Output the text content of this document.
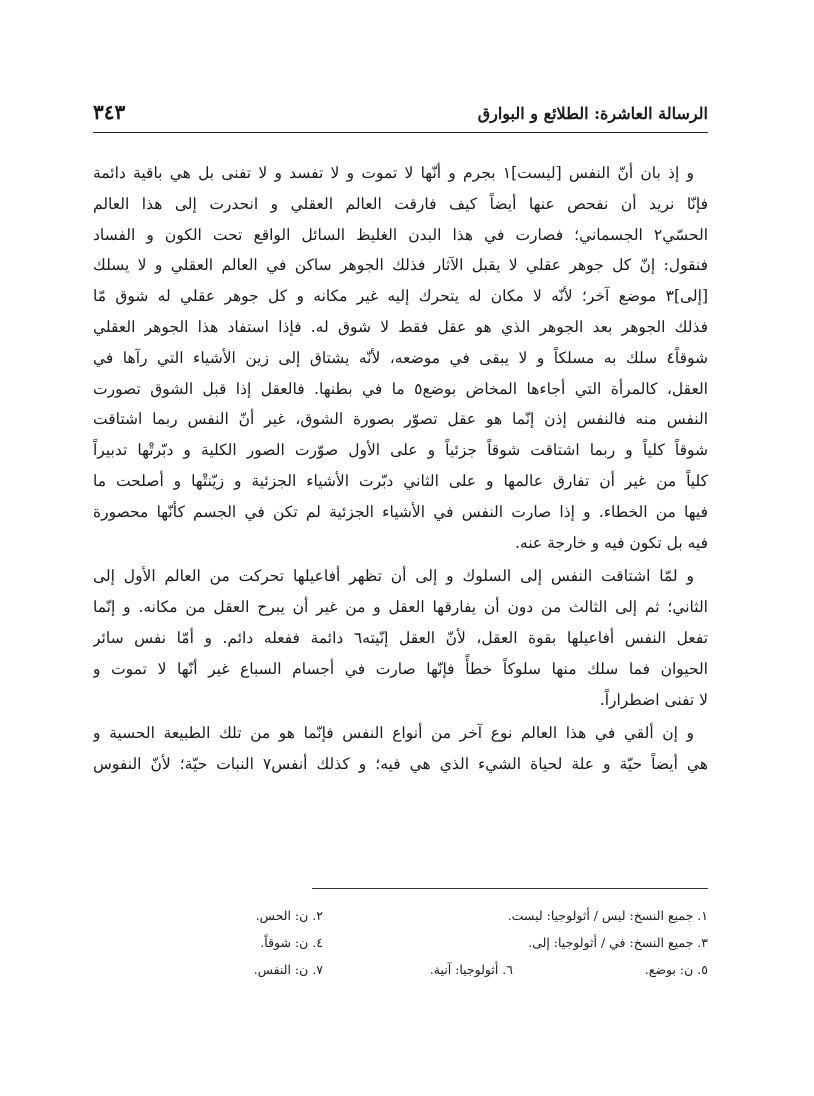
الرسالة العاشرة: الطلائع و البوارق
٣٤٣
و إذ بان أنّ النفس [ليست]١ بجرم و أنّها لا تموت و لا تفسد و لا تفنى بل هي باقية دائمة
فإنّا نريد أن نفحص عنها أيضاً كيف فارقت العالم العقلي و انحدرت إلى هذا العالم
الحسّي٢ الجسماني؛ فصارت في هذا البدن الغليظ السائل الواقع تحت الكون و الفساد
فنقول: إنّ كل جوهر عقلي لا يقبل الآثار فذلك الجوهر ساكن في العالم العقلي و لا يسلك
[إلى]٣ موضع آخر؛ لأنّه لا مكان له يتحرك إليه غير مكانه و كل جوهر عقلي له شوق مّا
فذلك الجوهر بعد الجوهر الذي هو عقل فقط لا شوق له. فإذا استفاد هذا الجوهر العقلي
شوقاً٤ سلك به مسلكاً و لا يبقى في موضعه، لأنّه يشتاق إلى زين الأشياء التي رآها في
العقل، كالمرأة التي أجاءها المخاض بوضع٥ ما في بطنها. فالعقل إذا قبل الشوق تصورت
النفس منه فالنفس إذن إنّما هو عقل تصوّر بصورة الشوق، غير أنّ النفس ربما اشتاقت
شوقاً كلياً و ربما اشتاقت شوقاً جزئياً و على الأول صوّرت الصور الكلية و دبّرتْها تدبيراً
كلياً من غير أن تفارق عالمها و على الثاني دبّرت الأشياء الجزئية و زيّنتْها و أصلحت ما
فيها من الخطاء. و إذا صارت النفس في الأشياء الجزئية لم تكن في الجسم كأنّها محصورة
فيه بل تكون فيه و خارجة عنه.
و لمّا اشتاقت النفس إلى السلوك و إلى أن تظهر أفاعيلها تحركت من العالم الأول إلى
الثاني؛ ثم إلى الثالث من دون أن يفارقها العقل و من غير أن يبرح العقل من مكانه. و إنّما
تفعل النفس أفاعيلها بقوة العقل، لأنّ العقل إنّيته٦ دائمة ففعله دائم. و أمّا نفس سائر
الحيوان فما سلك منها سلوكاً خطأً فإنّها صارت في أجسام السباع غير أنّها لا تموت و
لا تفنى اضطراراً.
و إن ألقي في هذا العالم نوع آخر من أنواع النفس فإنّما هو من تلك الطبيعة الحسية و
هي أيضاً حيّة و علة لحياة الشيء الذي هي فيه؛ و كذلك أنفس٧ النبات حيّة؛ لأنّ النفوس
١. جميع النسخ: ليس / أثولوجيا: ليست.
٢. ن: الحس.
٣. جميع النسخ: في / أثولوجيا: إلى.
٤. ن: شوقاً.
٥. ن: بوضع.
٦. أثولوجيا: آنية.
٧. ن: النفس.
